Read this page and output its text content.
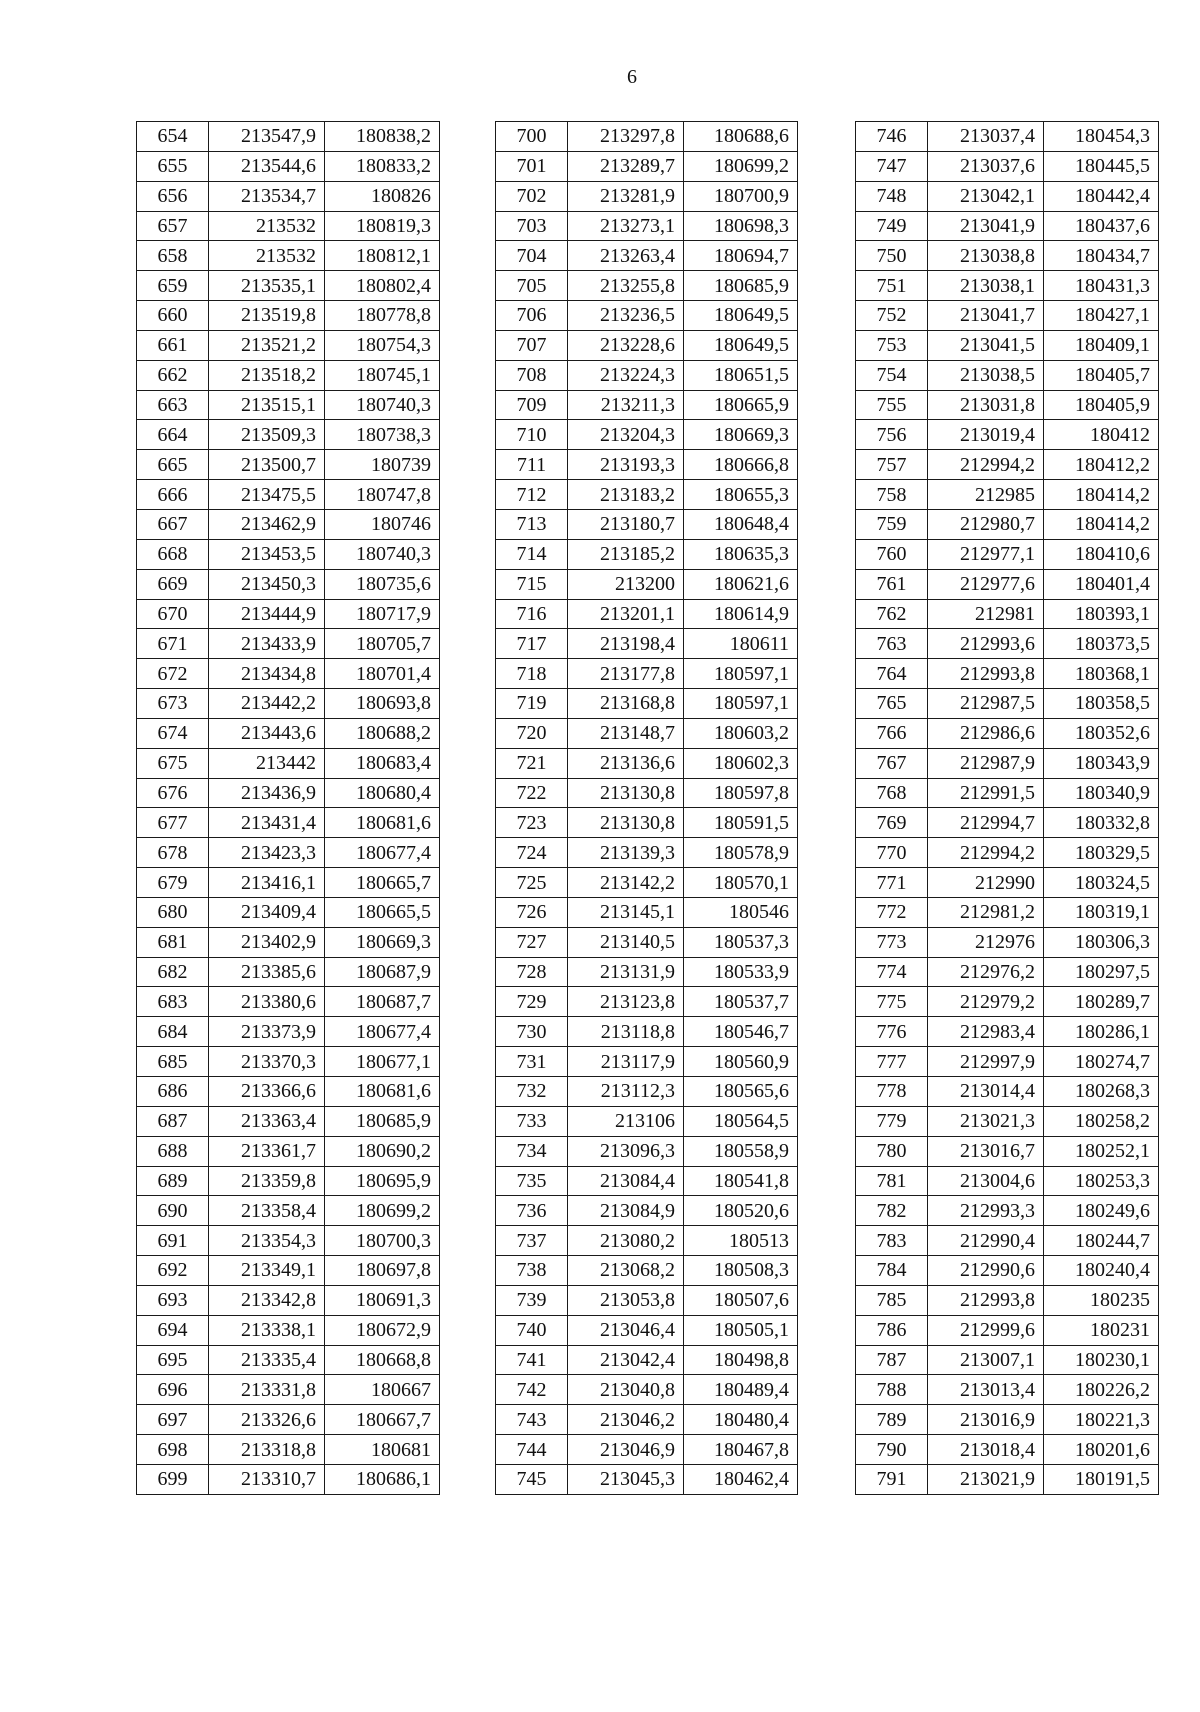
6
654	213547,9	180838,2
655	213544,6	180833,2
656	213534,7	180826
657	213532	180819,3
658	213532	180812,1
659	213535,1	180802,4
660	213519,8	180778,8
661	213521,2	180754,3
662	213518,2	180745,1
663	213515,1	180740,3
664	213509,3	180738,3
665	213500,7	180739
666	213475,5	180747,8
667	213462,9	180746
668	213453,5	180740,3
669	213450,3	180735,6
670	213444,9	180717,9
671	213433,9	180705,7
672	213434,8	180701,4
673	213442,2	180693,8
674	213443,6	180688,2
675	213442	180683,4
676	213436,9	180680,4
677	213431,4	180681,6
678	213423,3	180677,4
679	213416,1	180665,7
680	213409,4	180665,5
681	213402,9	180669,3
682	213385,6	180687,9
683	213380,6	180687,7
684	213373,9	180677,4
685	213370,3	180677,1
686	213366,6	180681,6
687	213363,4	180685,9
688	213361,7	180690,2
689	213359,8	180695,9
690	213358,4	180699,2
691	213354,3	180700,3
692	213349,1	180697,8
693	213342,8	180691,3
694	213338,1	180672,9
695	213335,4	180668,8
696	213331,8	180667
697	213326,6	180667,7
698	213318,8	180681
699	213310,7	180686,1
700	213297,8	180688,6
701	213289,7	180699,2
702	213281,9	180700,9
703	213273,1	180698,3
704	213263,4	180694,7
705	213255,8	180685,9
706	213236,5	180649,5
707	213228,6	180649,5
708	213224,3	180651,5
709	213211,3	180665,9
710	213204,3	180669,3
711	213193,3	180666,8
712	213183,2	180655,3
713	213180,7	180648,4
714	213185,2	180635,3
715	213200	180621,6
716	213201,1	180614,9
717	213198,4	180611
718	213177,8	180597,1
719	213168,8	180597,1
720	213148,7	180603,2
721	213136,6	180602,3
722	213130,8	180597,8
723	213130,8	180591,5
724	213139,3	180578,9
725	213142,2	180570,1
726	213145,1	180546
727	213140,5	180537,3
728	213131,9	180533,9
729	213123,8	180537,7
730	213118,8	180546,7
731	213117,9	180560,9
732	213112,3	180565,6
733	213106	180564,5
734	213096,3	180558,9
735	213084,4	180541,8
736	213084,9	180520,6
737	213080,2	180513
738	213068,2	180508,3
739	213053,8	180507,6
740	213046,4	180505,1
741	213042,4	180498,8
742	213040,8	180489,4
743	213046,2	180480,4
744	213046,9	180467,8
745	213045,3	180462,4
746	213037,4	180454,3
747	213037,6	180445,5
748	213042,1	180442,4
749	213041,9	180437,6
750	213038,8	180434,7
751	213038,1	180431,3
752	213041,7	180427,1
753	213041,5	180409,1
754	213038,5	180405,7
755	213031,8	180405,9
756	213019,4	180412
757	212994,2	180412,2
758	212985	180414,2
759	212980,7	180414,2
760	212977,1	180410,6
761	212977,6	180401,4
762	212981	180393,1
763	212993,6	180373,5
764	212993,8	180368,1
765	212987,5	180358,5
766	212986,6	180352,6
767	212987,9	180343,9
768	212991,5	180340,9
769	212994,7	180332,8
770	212994,2	180329,5
771	212990	180324,5
772	212981,2	180319,1
773	212976	180306,3
774	212976,2	180297,5
775	212979,2	180289,7
776	212983,4	180286,1
777	212997,9	180274,7
778	213014,4	180268,3
779	213021,3	180258,2
780	213016,7	180252,1
781	213004,6	180253,3
782	212993,3	180249,6
783	212990,4	180244,7
784	212990,6	180240,4
785	212993,8	180235
786	212999,6	180231
787	213007,1	180230,1
788	213013,4	180226,2
789	213016,9	180221,3
790	213018,4	180201,6
791	213021,9	180191,5
